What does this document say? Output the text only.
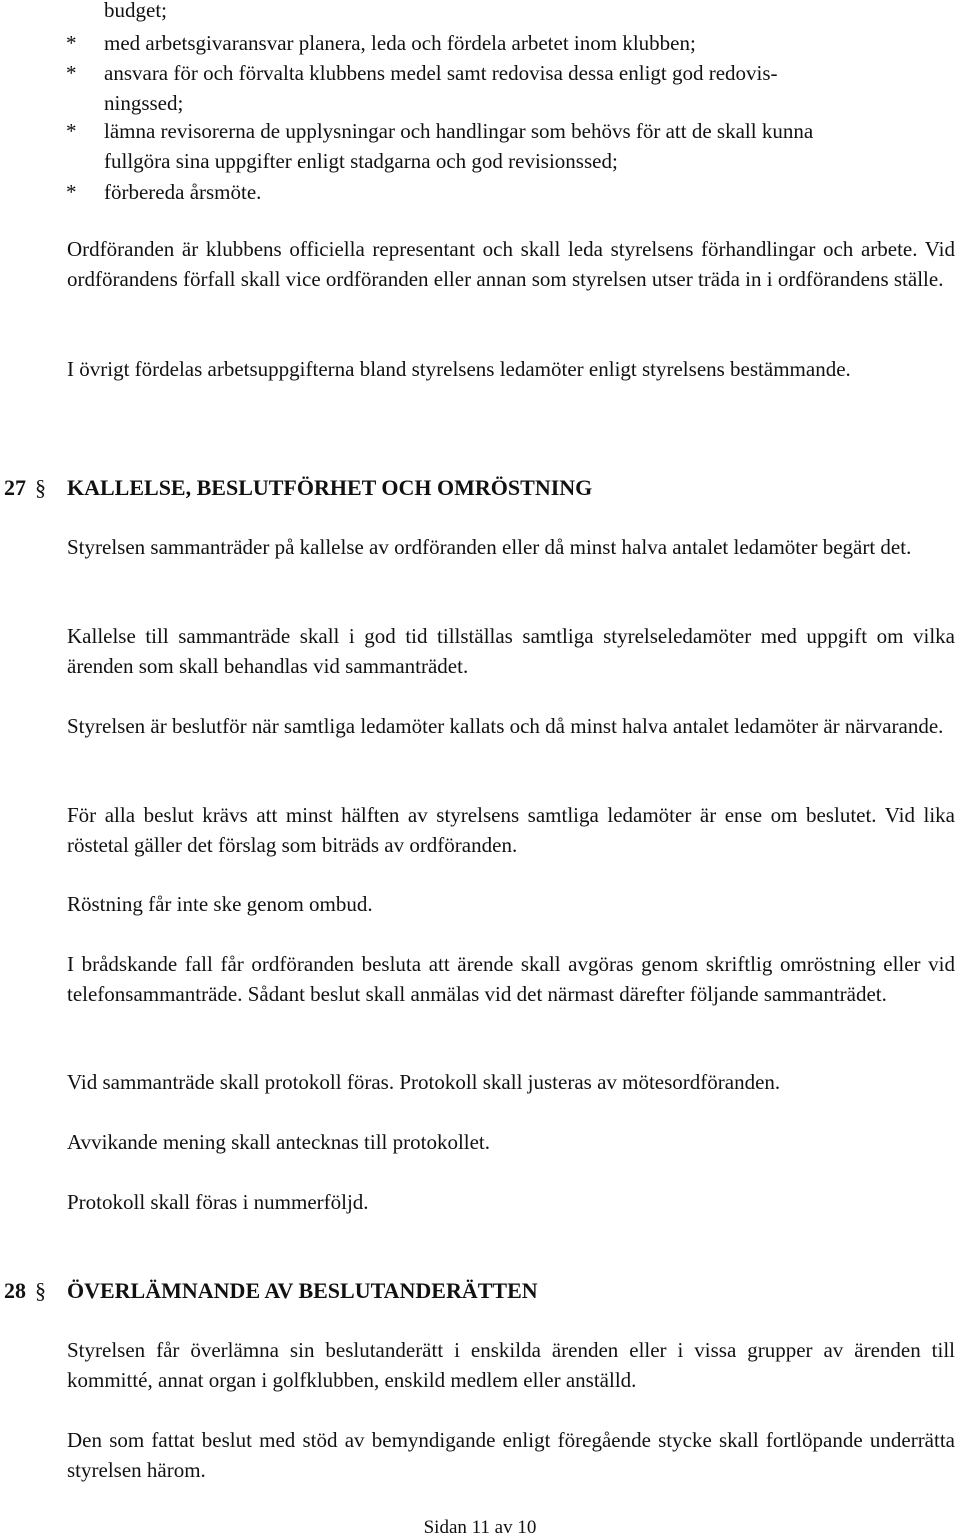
budget;
* med arbetsgivaransvar planera, leda och fördela arbetet inom klubben;
* ansvara för och förvalta klubbens medel samt redovisa dessa enligt god redovis-
ningssed;
* lämna revisorerna de upplysningar och handlingar som behövs för att de skall kunna
fullgöra sina uppgifter enligt stadgarna och god revisionssed;
* förbereda årsmöte.
Ordföranden är klubbens officiella representant och skall leda styrelsens förhandlingar och arbete. Vid ordförandens förfall skall vice ordföranden eller annan som styrelsen utser träda in i ordförandens ställe.
I övrigt fördelas arbetsuppgifterna bland styrelsens ledamöter enligt styrelsens bestämmande.
27 § KALLELSE, BESLUTFÖRHET OCH OMRÖSTNING
Styrelsen sammanträder på kallelse av ordföranden eller då minst halva antalet ledamöter begärt det.
Kallelse till sammanträde skall i god tid tillställas samtliga styrelseledamöter med uppgift om vilka ärenden som skall behandlas vid sammanträdet.
Styrelsen är beslutför när samtliga ledamöter kallats och då minst halva antalet ledamöter är närvarande.
För alla beslut krävs att minst hälften av styrelsens samtliga ledamöter är ense om beslutet. Vid lika röstetal gäller det förslag som biträds av ordföranden.
Röstning får inte ske genom ombud.
I brådskande fall får ordföranden besluta att ärende skall avgöras genom skriftlig omröstning eller vid telefonsammanträde. Sådant beslut skall anmälas vid det närmast därefter följande sammanträdet.
Vid sammanträde skall protokoll föras. Protokoll skall justeras av mötesordföranden.
Avvikande mening skall antecknas till protokollet.
Protokoll skall föras i nummerföljd.
28 § ÖVERLÄMNANDE AV BESLUTANDERÄTTEN
Styrelsen får överlämna sin beslutanderätt i enskilda ärenden eller i vissa grupper av ärenden till kommitté, annat organ i golfklubben, enskild medlem eller anställd.
Den som fattat beslut med stöd av bemyndigande enligt föregående stycke skall fortlöpande underrätta styrelsen härom.
Sidan 11 av 10
